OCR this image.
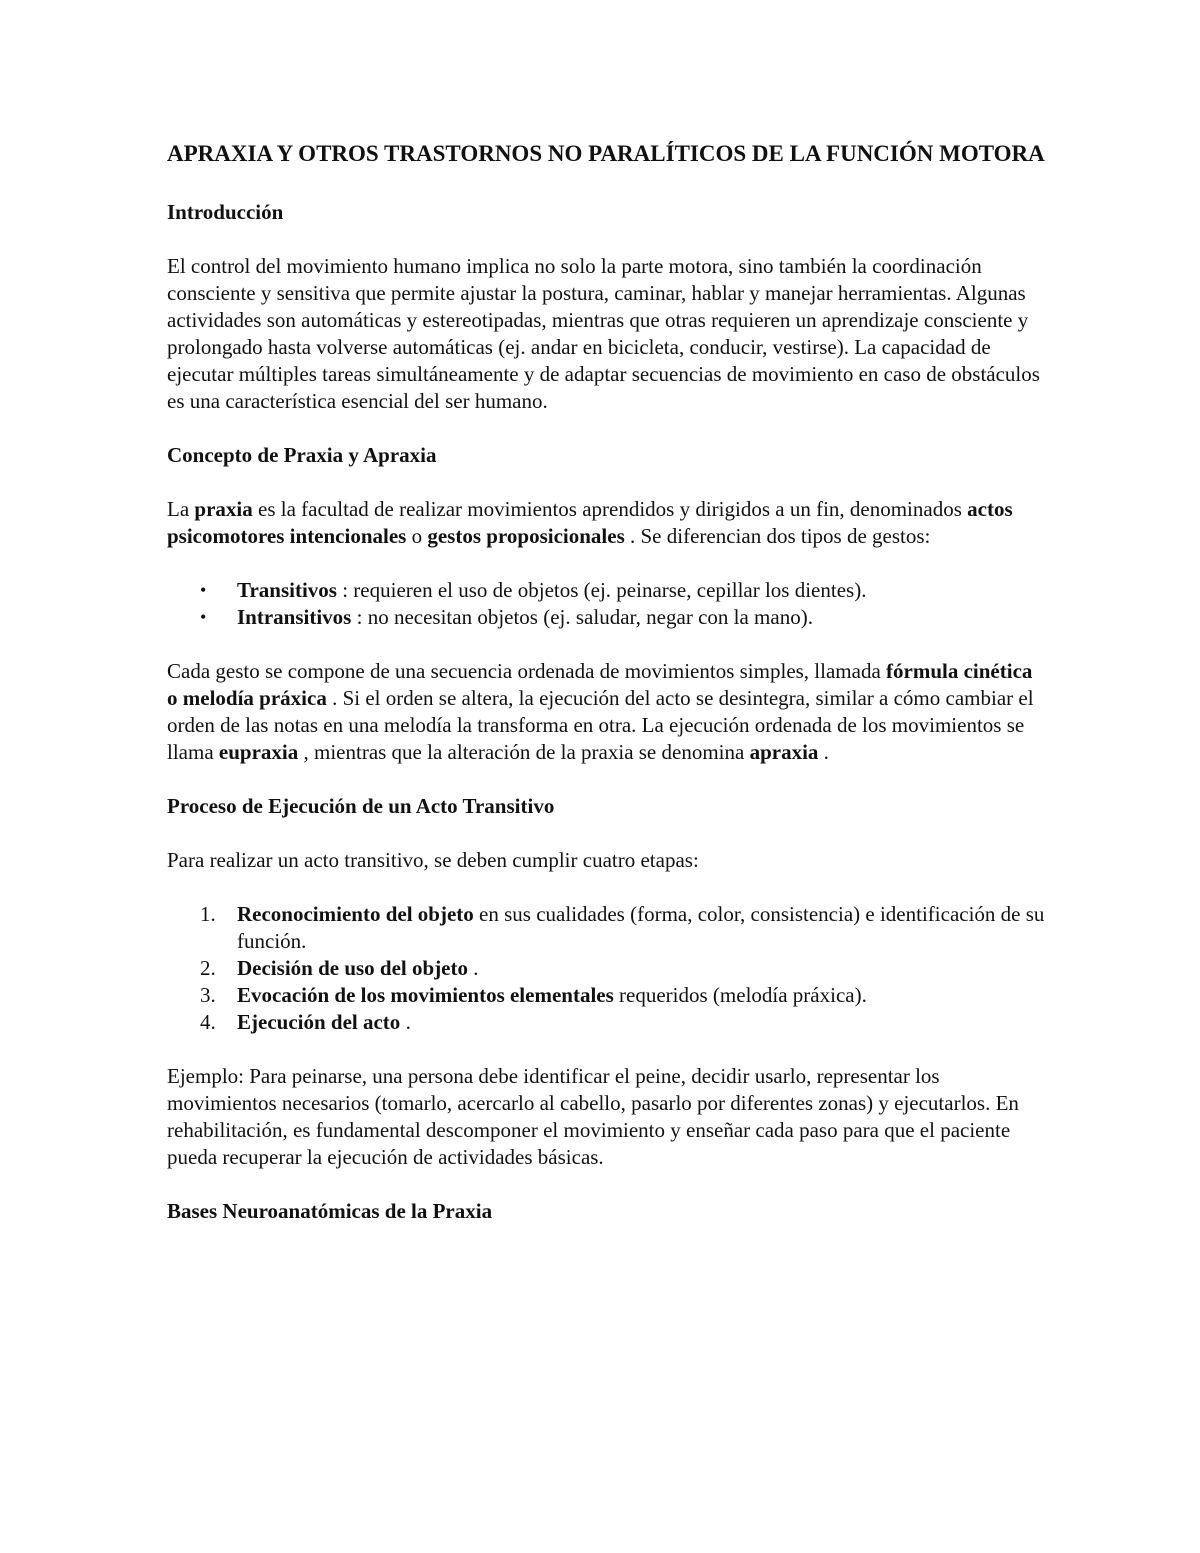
APRAXIA Y OTROS TRASTORNOS NO PARALÍTICOS DE LA FUNCIÓN MOTORA
Introducción

El control del movimiento humano implica no solo la parte motora, sino también la coordinación consciente y sensitiva que permite ajustar la postura, caminar, hablar y manejar herramientas. Algunas actividades son automáticas y estereotipadas, mientras que otras requieren un aprendizaje consciente y prolongado hasta volverse automáticas (ej. andar en bicicleta, conducir, vestirse). La capacidad de ejecutar múltiples tareas simultáneamente y de adaptar secuencias de movimiento en caso de obstáculos es una característica esencial del ser humano.

Concepto de Praxia y Apraxia

La praxia es la facultad de realizar movimientos aprendidos y dirigidos a un fin, denominados actos psicomotores intencionales o gestos proposicionales . Se diferencian dos tipos de gestos:

• Transitivos : requieren el uso de objetos (ej. peinarse, cepillar los dientes).
• Intransitivos : no necesitan objetos (ej. saludar, negar con la mano).

Cada gesto se compone de una secuencia ordenada de movimientos simples, llamada fórmula cinética o melodía práxica . Si el orden se altera, la ejecución del acto se desintegra, similar a cómo cambiar el orden de las notas en una melodía la transforma en otra. La ejecución ordenada de los movimientos se llama eupraxia , mientras que la alteración de la praxia se denomina apraxia .

Proceso de Ejecución de un Acto Transitivo

Para realizar un acto transitivo, se deben cumplir cuatro etapas:

1. Reconocimiento del objeto en sus cualidades (forma, color, consistencia) e identificación de su función.
2. Decisión de uso del objeto .
3. Evocación de los movimientos elementales requeridos (melodía práxica).
4. Ejecución del acto .

Ejemplo: Para peinarse, una persona debe identificar el peine, decidir usarlo, representar los movimientos necesarios (tomarlo, acercarlo al cabello, pasarlo por diferentes zonas) y ejecutarlos. En rehabilitación, es fundamental descomponer el movimiento y enseñar cada paso para que el paciente pueda recuperar la ejecución de actividades básicas.

Bases Neuroanatómicas de la Praxia
